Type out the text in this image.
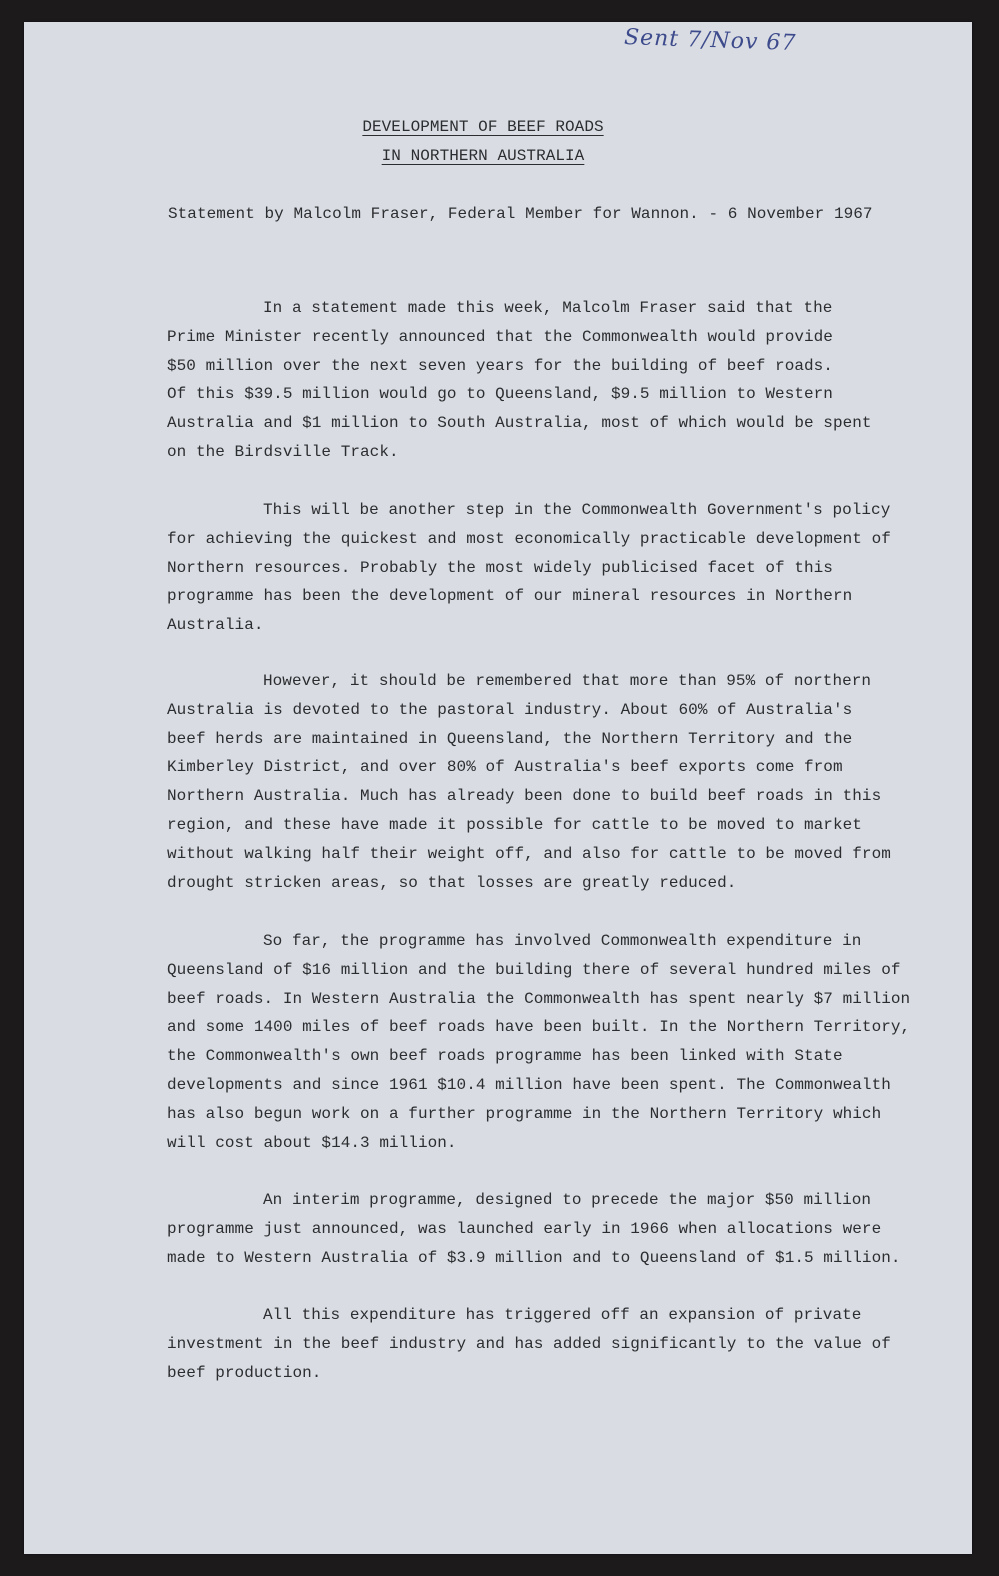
Sent 7/Nov 67
DEVELOPMENT OF BEEF ROADS
IN NORTHERN AUSTRALIA
Statement by Malcolm Fraser, Federal Member for Wannon. - 6 November 1967
In a statement made this week, Malcolm Fraser said that the
Prime Minister recently announced that the Commonwealth would provide
$50 million over the next seven years for the building of beef roads.
Of this $39.5 million would go to Queensland, $9.5 million to Western
Australia and $1 million to South Australia, most of which would be spent
on the Birdsville Track.
This will be another step in the Commonwealth Government's policy
for achieving the quickest and most economically practicable development of
Northern resources. Probably the most widely publicised facet of this
programme has been the development of our mineral resources in Northern
Australia.
However, it should be remembered that more than 95% of northern
Australia is devoted to the pastoral industry. About 60% of Australia's
beef herds are maintained in Queensland, the Northern Territory and the
Kimberley District, and over 80% of Australia's beef exports come from
Northern Australia. Much has already been done to build beef roads in this
region, and these have made it possible for cattle to be moved to market
without walking half their weight off, and also for cattle to be moved from
drought stricken areas, so that losses are greatly reduced.
So far, the programme has involved Commonwealth expenditure in
Queensland of $16 million and the building there of several hundred miles of
beef roads. In Western Australia the Commonwealth has spent nearly $7 million
and some 1400 miles of beef roads have been built. In the Northern Territory,
the Commonwealth's own beef roads programme has been linked with State
developments and since 1961 $10.4 million have been spent. The Commonwealth
has also begun work on a further programme in the Northern Territory which
will cost about $14.3 million.
An interim programme, designed to precede the major $50 million
programme just announced, was launched early in 1966 when allocations were
made to Western Australia of $3.9 million and to Queensland of $1.5 million.
All this expenditure has triggered off an expansion of private
investment in the beef industry and has added significantly to the value of
beef production.
